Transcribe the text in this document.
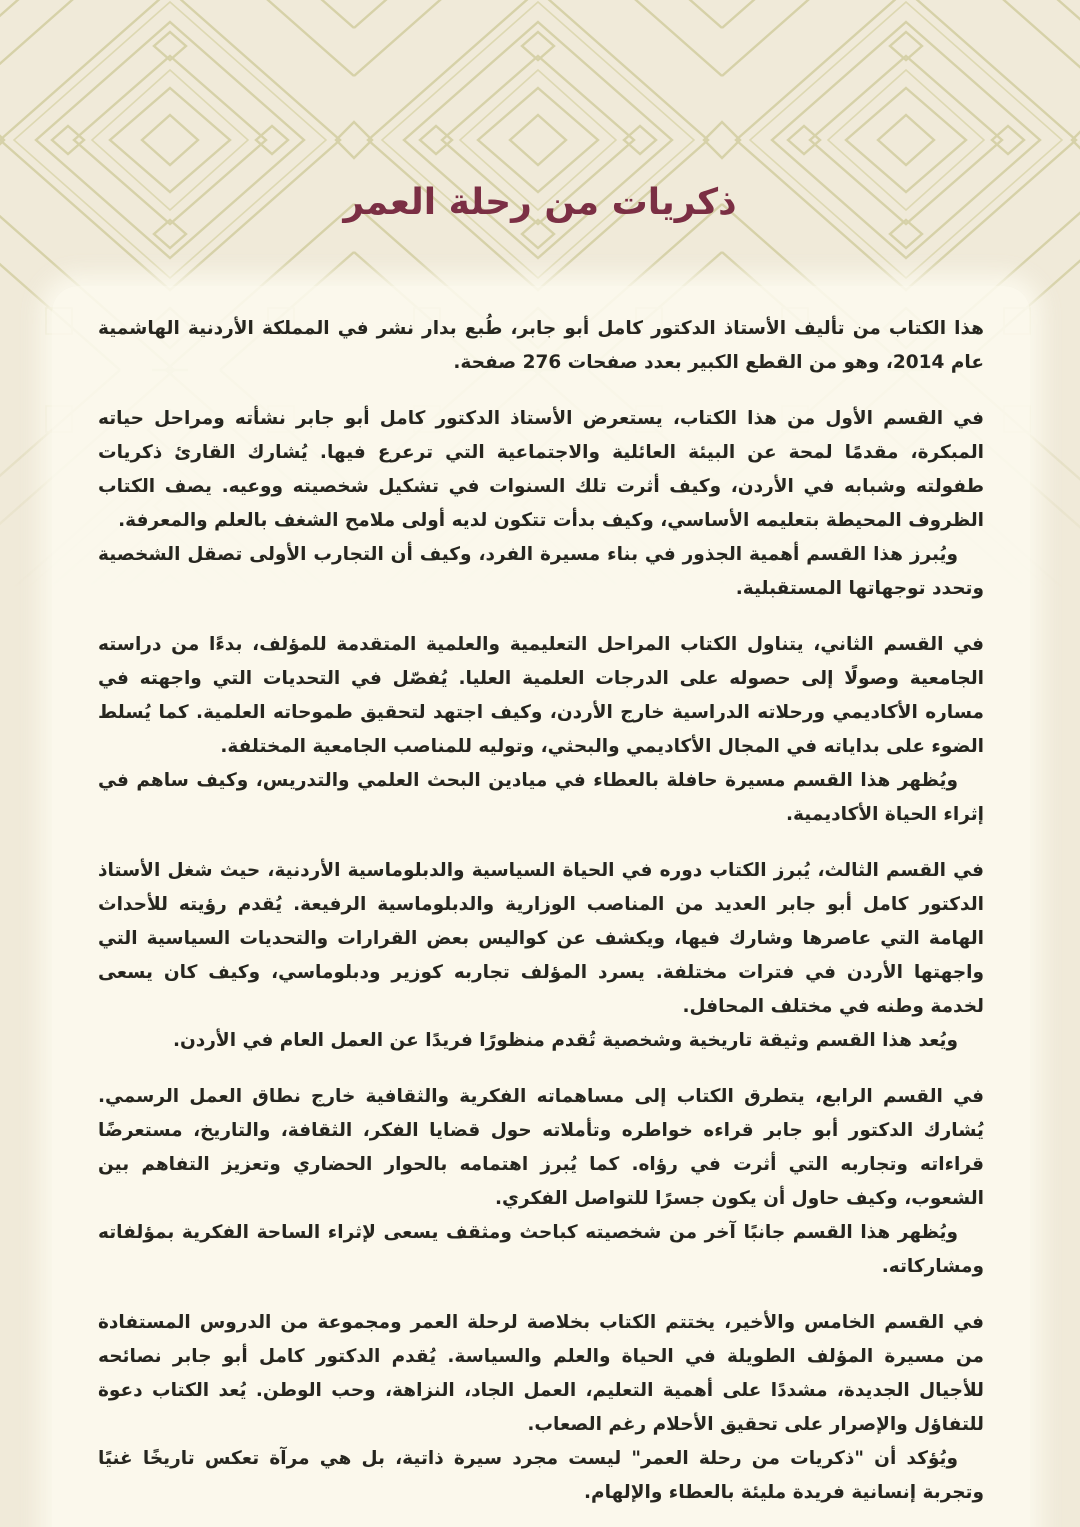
ذكريات من رحلة العمر

هذا الكتاب من تأليف الأستاذ الدكتور كامل أبو جابر، طُبع بدار نشر في المملكة الأردنية الهاشمية عام 2014، وهو من القطع الكبير بعدد صفحات 276 صفحة.

في القسم الأول من هذا الكتاب، يستعرض الأستاذ الدكتور كامل أبو جابر نشأته ومراحل حياته المبكرة، مقدمًا لمحة عن البيئة العائلية والاجتماعية التي ترعرع فيها. يُشارك القارئ ذكريات طفولته وشبابه في الأردن، وكيف أثرت تلك السنوات في تشكيل شخصيته ووعيه. يصف الكتاب الظروف المحيطة بتعليمه الأساسي، وكيف بدأت تتكون لديه أولى ملامح الشغف بالعلم والمعرفة.
ويُبرز هذا القسم أهمية الجذور في بناء مسيرة الفرد، وكيف أن التجارب الأولى تصقل الشخصية وتحدد توجهاتها المستقبلية.

في القسم الثاني، يتناول الكتاب المراحل التعليمية والعلمية المتقدمة للمؤلف، بدءًا من دراسته الجامعية وصولًا إلى حصوله على الدرجات العلمية العليا. يُفصّل في التحديات التي واجهته في مساره الأكاديمي ورحلاته الدراسية خارج الأردن، وكيف اجتهد لتحقيق طموحاته العلمية. كما يُسلط الضوء على بداياته في المجال الأكاديمي والبحثي، وتوليه للمناصب الجامعية المختلفة.
ويُظهر هذا القسم مسيرة حافلة بالعطاء في ميادين البحث العلمي والتدريس، وكيف ساهم في إثراء الحياة الأكاديمية.

في القسم الثالث، يُبرز الكتاب دوره في الحياة السياسية والدبلوماسية الأردنية، حيث شغل الأستاذ الدكتور كامل أبو جابر العديد من المناصب الوزارية والدبلوماسية الرفيعة. يُقدم رؤيته للأحداث الهامة التي عاصرها وشارك فيها، ويكشف عن كواليس بعض القرارات والتحديات السياسية التي واجهتها الأردن في فترات مختلفة. يسرد المؤلف تجاربه كوزير ودبلوماسي، وكيف كان يسعى لخدمة وطنه في مختلف المحافل.
ويُعد هذا القسم وثيقة تاريخية وشخصية تُقدم منظورًا فريدًا عن العمل العام في الأردن.

في القسم الرابع، يتطرق الكتاب إلى مساهماته الفكرية والثقافية خارج نطاق العمل الرسمي. يُشارك الدكتور أبو جابر قراءه خواطره وتأملاته حول قضايا الفكر، الثقافة، والتاريخ، مستعرضًا قراءاته وتجاربه التي أثرت في رؤاه. كما يُبرز اهتمامه بالحوار الحضاري وتعزيز التفاهم بين الشعوب، وكيف حاول أن يكون جسرًا للتواصل الفكري.
ويُظهر هذا القسم جانبًا آخر من شخصيته كباحث ومثقف يسعى لإثراء الساحة الفكرية بمؤلفاته ومشاركاته.

في القسم الخامس والأخير، يختتم الكتاب بخلاصة لرحلة العمر ومجموعة من الدروس المستفادة من مسيرة المؤلف الطويلة في الحياة والعلم والسياسة. يُقدم الدكتور كامل أبو جابر نصائحه للأجيال الجديدة، مشددًا على أهمية التعليم، العمل الجاد، النزاهة، وحب الوطن. يُعد الكتاب دعوة للتفاؤل والإصرار على تحقيق الأحلام رغم الصعاب.
ويُؤكد أن "ذكريات من رحلة العمر" ليست مجرد سيرة ذاتية، بل هي مرآة تعكس تاريخًا غنيًا وتجربة إنسانية فريدة مليئة بالعطاء والإلهام.
